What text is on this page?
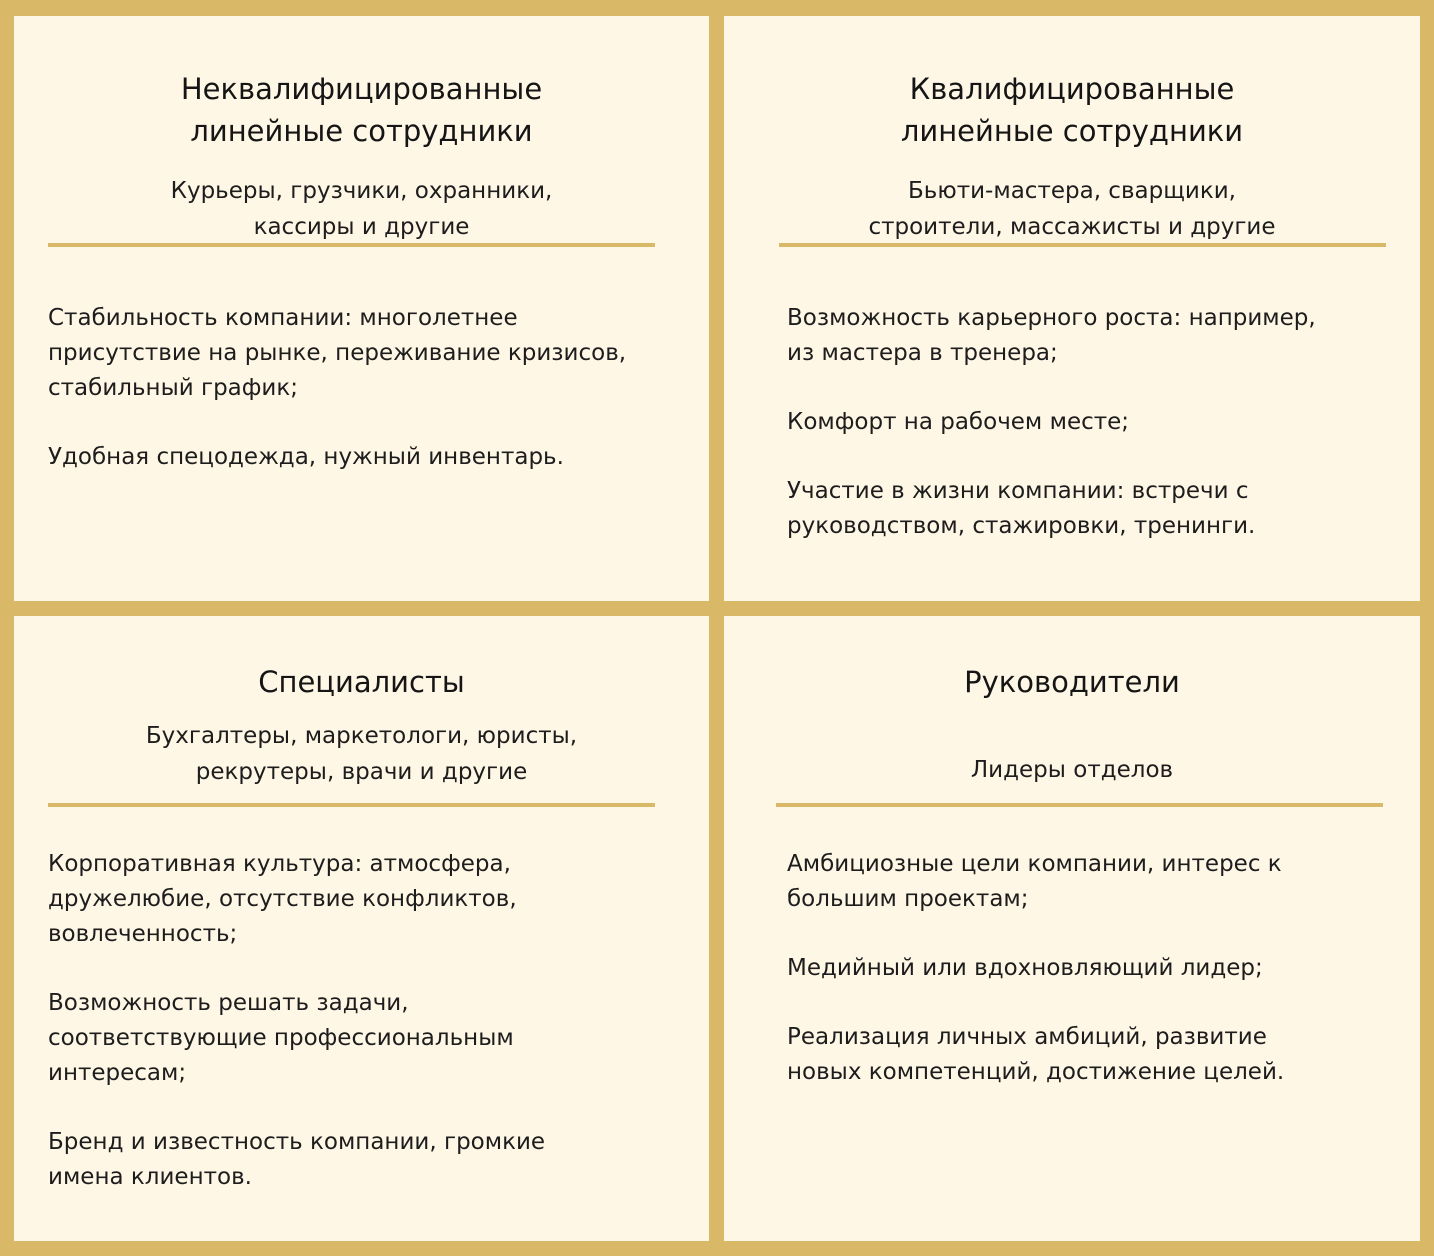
Неквалифицированные
линейные сотрудники
Курьеры, грузчики, охранники,
кассиры и другие

Стабильность компании: многолетнее
присутствие на рынке, переживание кризисов,
стабильный график;

Удобная спецодежда, нужный инвентарь.

Квалифицированные
линейные сотрудники
Бьюти-мастера, сварщики,
строители, массажисты и другие

Возможность карьерного роста: например,
из мастера в тренера;

Комфорт на рабочем месте;

Участие в жизни компании: встречи с
руководством, стажировки, тренинги.

Специалисты
Бухгалтеры, маркетологи, юристы,
рекрутеры, врачи и другие

Корпоративная культура: атмосфера,
дружелюбие, отсутствие конфликтов,
вовлеченность;

Возможность решать задачи,
соответствующие профессиональным
интересам;

Бренд и известность компании, громкие
имена клиентов.

Руководители
Лидеры отделов

Амбициозные цели компании, интерес к
большим проектам;

Медийный или вдохновляющий лидер;

Реализация личных амбиций, развитие
новых компетенций, достижение целей.
